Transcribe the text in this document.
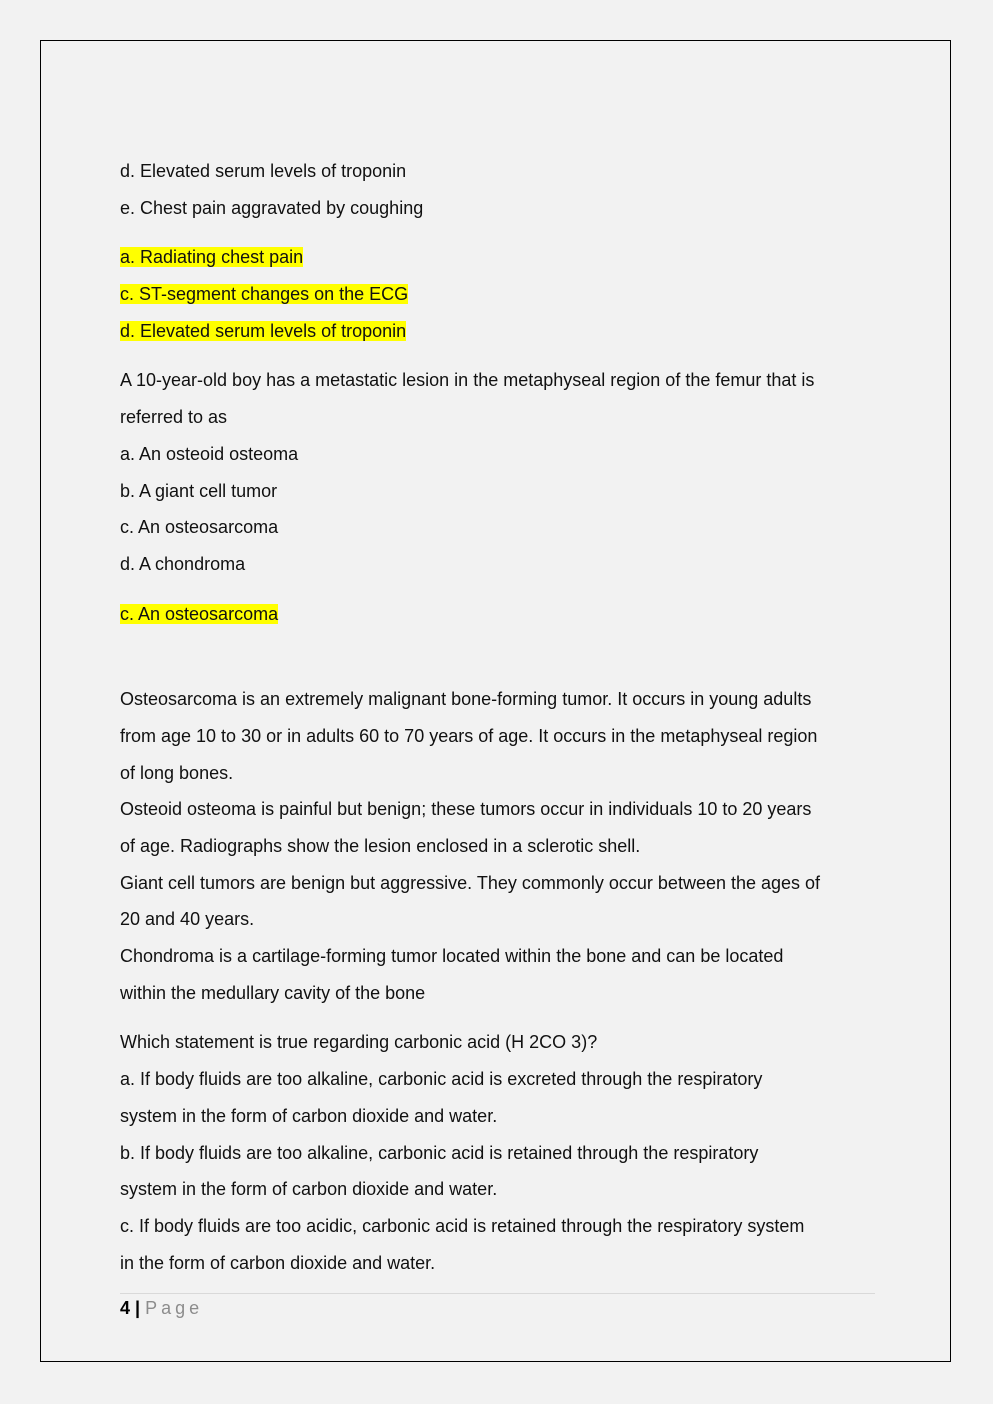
d. Elevated serum levels of troponin
e. Chest pain aggravated by coughing
a. Radiating chest pain
c. ST-segment changes on the ECG
d. Elevated serum levels of troponin
A 10-year-old boy has a metastatic lesion in the metaphyseal region of the femur that is
referred to as
a. An osteoid osteoma
b. A giant cell tumor
c. An osteosarcoma
d. A chondroma
c. An osteosarcoma
Osteosarcoma is an extremely malignant bone-forming tumor. It occurs in young adults
from age 10 to 30 or in adults 60 to 70 years of age. It occurs in the metaphyseal region
of long bones.
Osteoid osteoma is painful but benign; these tumors occur in individuals 10 to 20 years
of age. Radiographs show the lesion enclosed in a sclerotic shell.
Giant cell tumors are benign but aggressive. They commonly occur between the ages of
20 and 40 years.
Chondroma is a cartilage-forming tumor located within the bone and can be located
within the medullary cavity of the bone
Which statement is true regarding carbonic acid (H 2CO 3)?
a. If body fluids are too alkaline, carbonic acid is excreted through the respiratory
system in the form of carbon dioxide and water.
b. If body fluids are too alkaline, carbonic acid is retained through the respiratory
system in the form of carbon dioxide and water.
c. If body fluids are too acidic, carbonic acid is retained through the respiratory system
in the form of carbon dioxide and water.
4 | Page
